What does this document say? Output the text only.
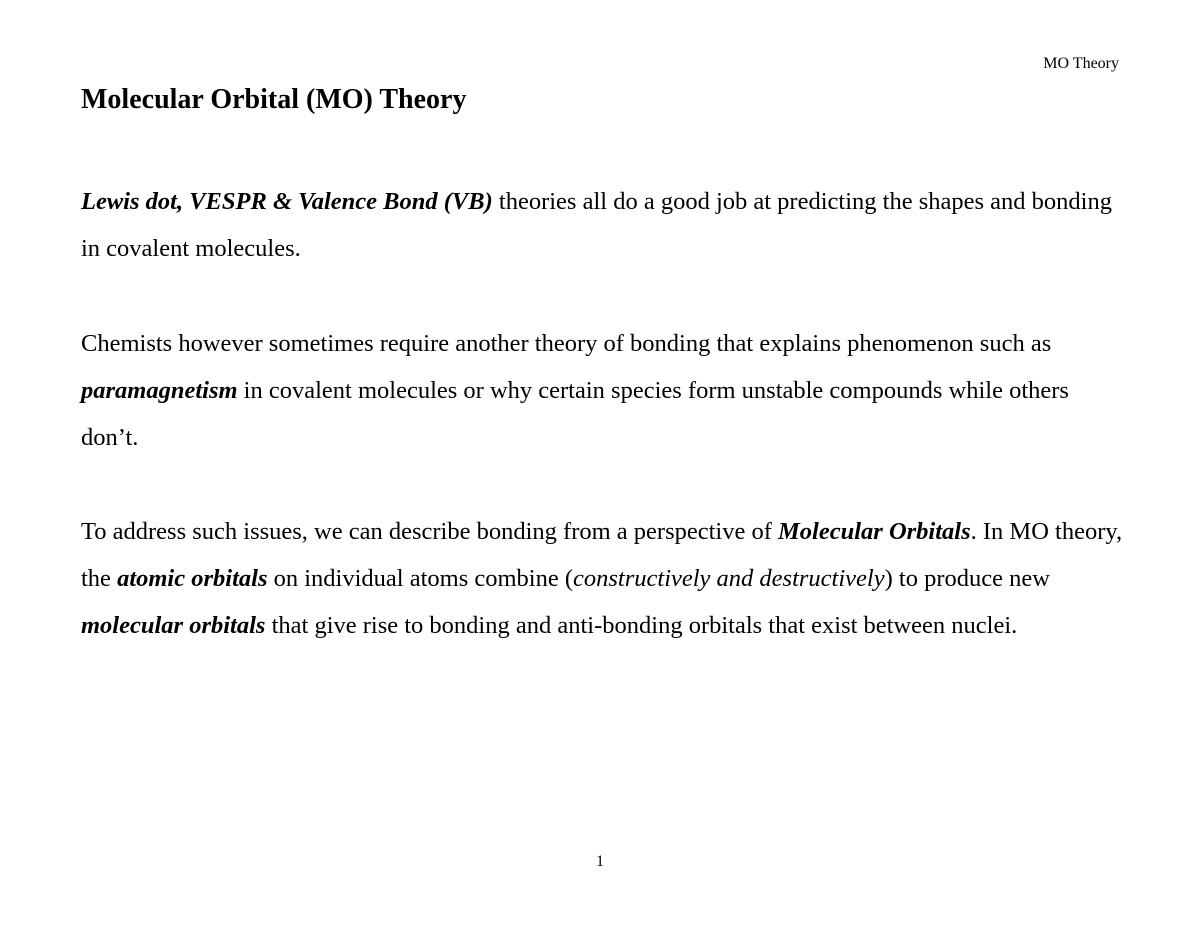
MO Theory
Molecular Orbital (MO) Theory

Lewis dot, VESPR & Valence Bond (VB) theories all do a good job at predicting the shapes and bonding in covalent molecules.

Chemists however sometimes require another theory of bonding that explains phenomenon such as paramagnetism in covalent molecules or why certain species form unstable compounds while others don’t.

To address such issues, we can describe bonding from a perspective of Molecular Orbitals. In MO theory, the atomic orbitals on individual atoms combine (constructively and destructively) to produce new molecular orbitals that give rise to bonding and anti-bonding orbitals that exist between nuclei.

1
